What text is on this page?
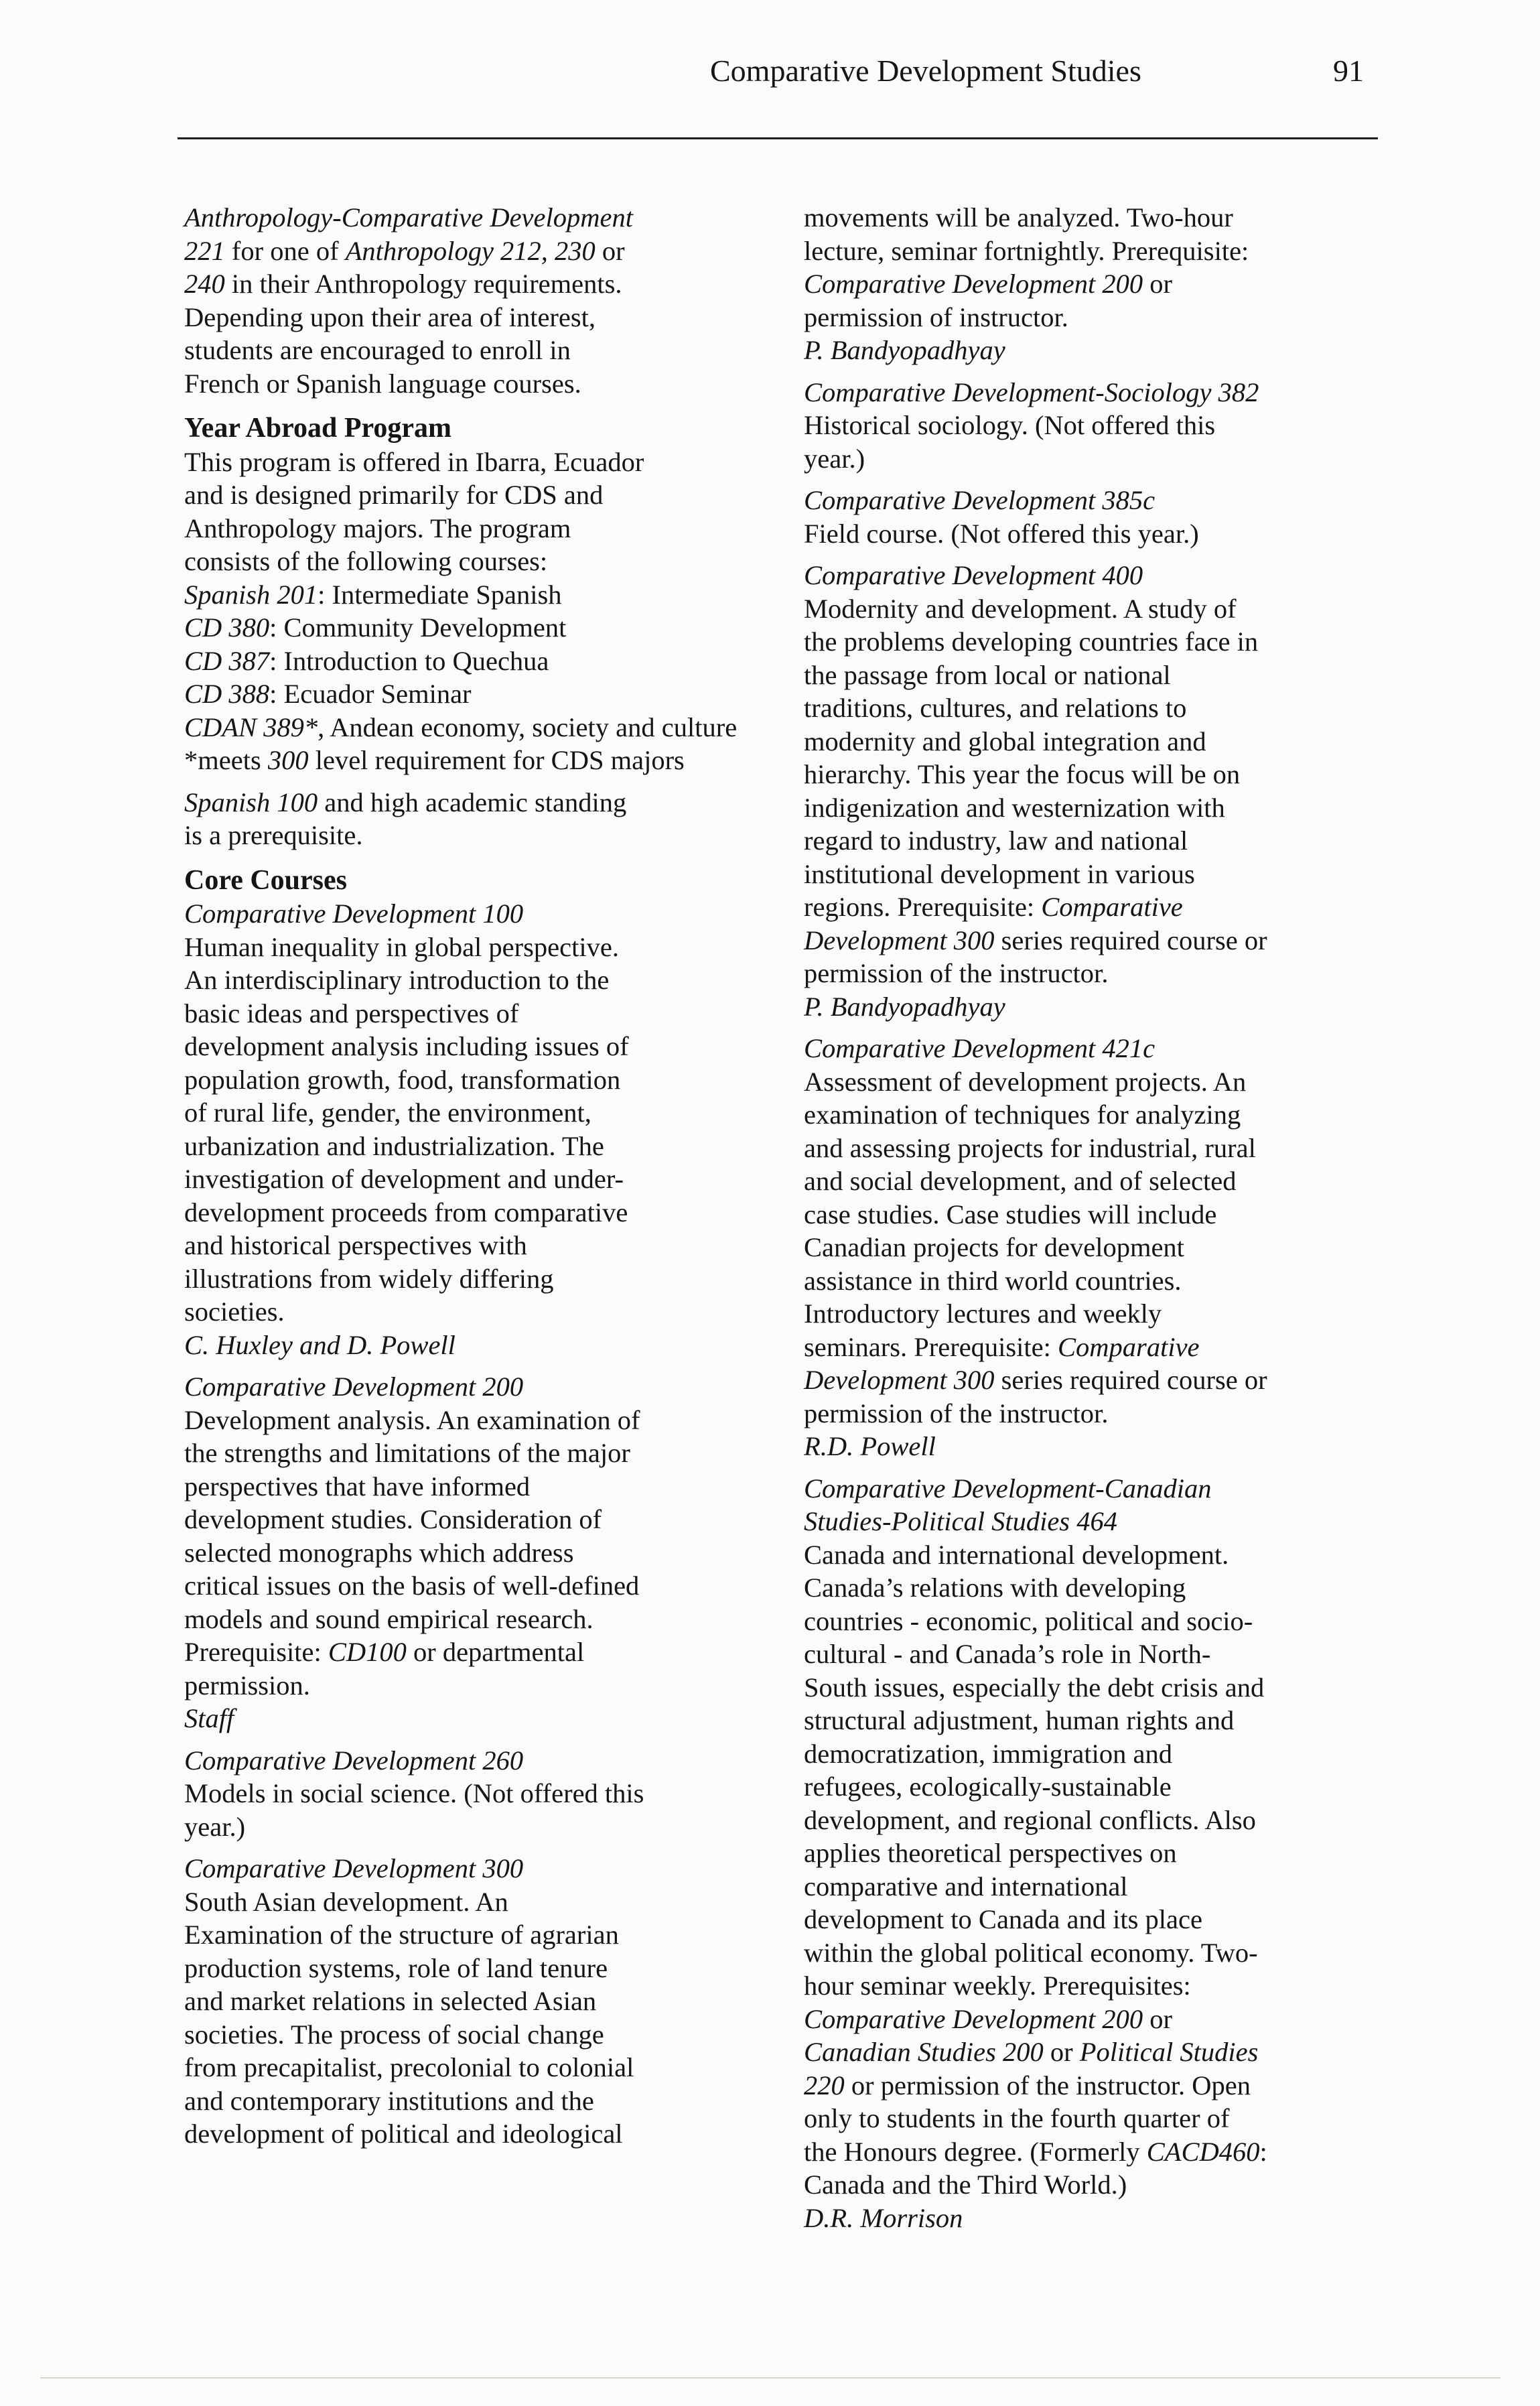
Comparative Development Studies	91

Anthropology-Comparative Development

221 for one of Anthropology 212, 230 or

240 in their Anthropology requirements.

Depending upon their area of interest,

students are encouraged to enroll in

French or Spanish language courses.

Year Abroad Program

This program is offered in Ibarra, Ecuador

and is designed primarily for CDS and

Anthropology majors. The program

consists of the following courses:

Spanish 201: Intermediate Spanish

CD 380: Community Development

CD 387: Introduction to Quechua

CD 388: Ecuador Seminar

CDAN 389*, Andean economy, society and culture

*meets 300 level requirement for CDS majors

Spanish 100 and high academic standing

is a prerequisite.

Core Courses

Comparative Development 100

Human inequality in global perspective.

An interdisciplinary introduction to the

basic ideas and perspectives of

development analysis including issues of

population growth, food, transformation

of rural life, gender, the environment,

urbanization and industrialization. The

investigation of development and under-

development proceeds from comparative

and historical perspectives with

illustrations from widely differing

societies.

C. Huxley and D. Powell

Comparative Development 200

Development analysis. An examination of

the strengths and limitations of the major

perspectives that have informed

development studies. Consideration of

selected monographs which address

critical issues on the basis of well-defined

models and sound empirical research.

Prerequisite: CD100 or departmental

permission.

Staff

Comparative Development 260

Models in social science. (Not offered this

year.)

Comparative Development 300

South Asian development. An

Examination of the structure of agrarian

production systems, role of land tenure

and market relations in selected Asian

societies. The process of social change

from precapitalist, precolonial to colonial

and contemporary institutions and the

development of political and ideological

movements will be analyzed. Two-hour

lecture, seminar fortnightly. Prerequisite:

Comparative Development 200 or

permission of instructor.

P. Bandyopadhyay

Comparative Development-Sociology 382

Historical sociology. (Not offered this

year.)

Comparative Development 385c

Field course. (Not offered this year.)

Comparative Development 400

Modernity and development. A study of

the problems developing countries face in

the passage from local or national

traditions, cultures, and relations to

modernity and global integration and

hierarchy. This year the focus will be on

indigenization and westernization with

regard to industry, law and national

institutional development in various

regions. Prerequisite: Comparative

Development 300 series required course or

permission of the instructor.

P. Bandyopadhyay

Comparative Development 421c

Assessment of development projects. An

examination of techniques for analyzing

and assessing projects for industrial, rural

and social development, and of selected

case studies. Case studies will include

Canadian projects for development

assistance in third world countries.

Introductory lectures and weekly

seminars. Prerequisite: Comparative

Development 300 series required course or

permission of the instructor.

R.D. Powell

Comparative Development-Canadian

Studies-Political Studies 464

Canada and international development.

Canada’s relations with developing

countries - economic, political and socio-

cultural - and Canada’s role in North-

South issues, especially the debt crisis and

structural adjustment, human rights and

democratization, immigration and

refugees, ecologically-sustainable

development, and regional conflicts. Also

applies theoretical perspectives on

comparative and international

development to Canada and its place

within the global political economy. Two-

hour seminar weekly. Prerequisites:

Comparative Development 200 or

Canadian Studies 200 or Political Studies

220 or permission of the instructor. Open

only to students in the fourth quarter of

the Honours degree. (Formerly CACD460:

Canada and the Third World.)

D.R. Morrison
